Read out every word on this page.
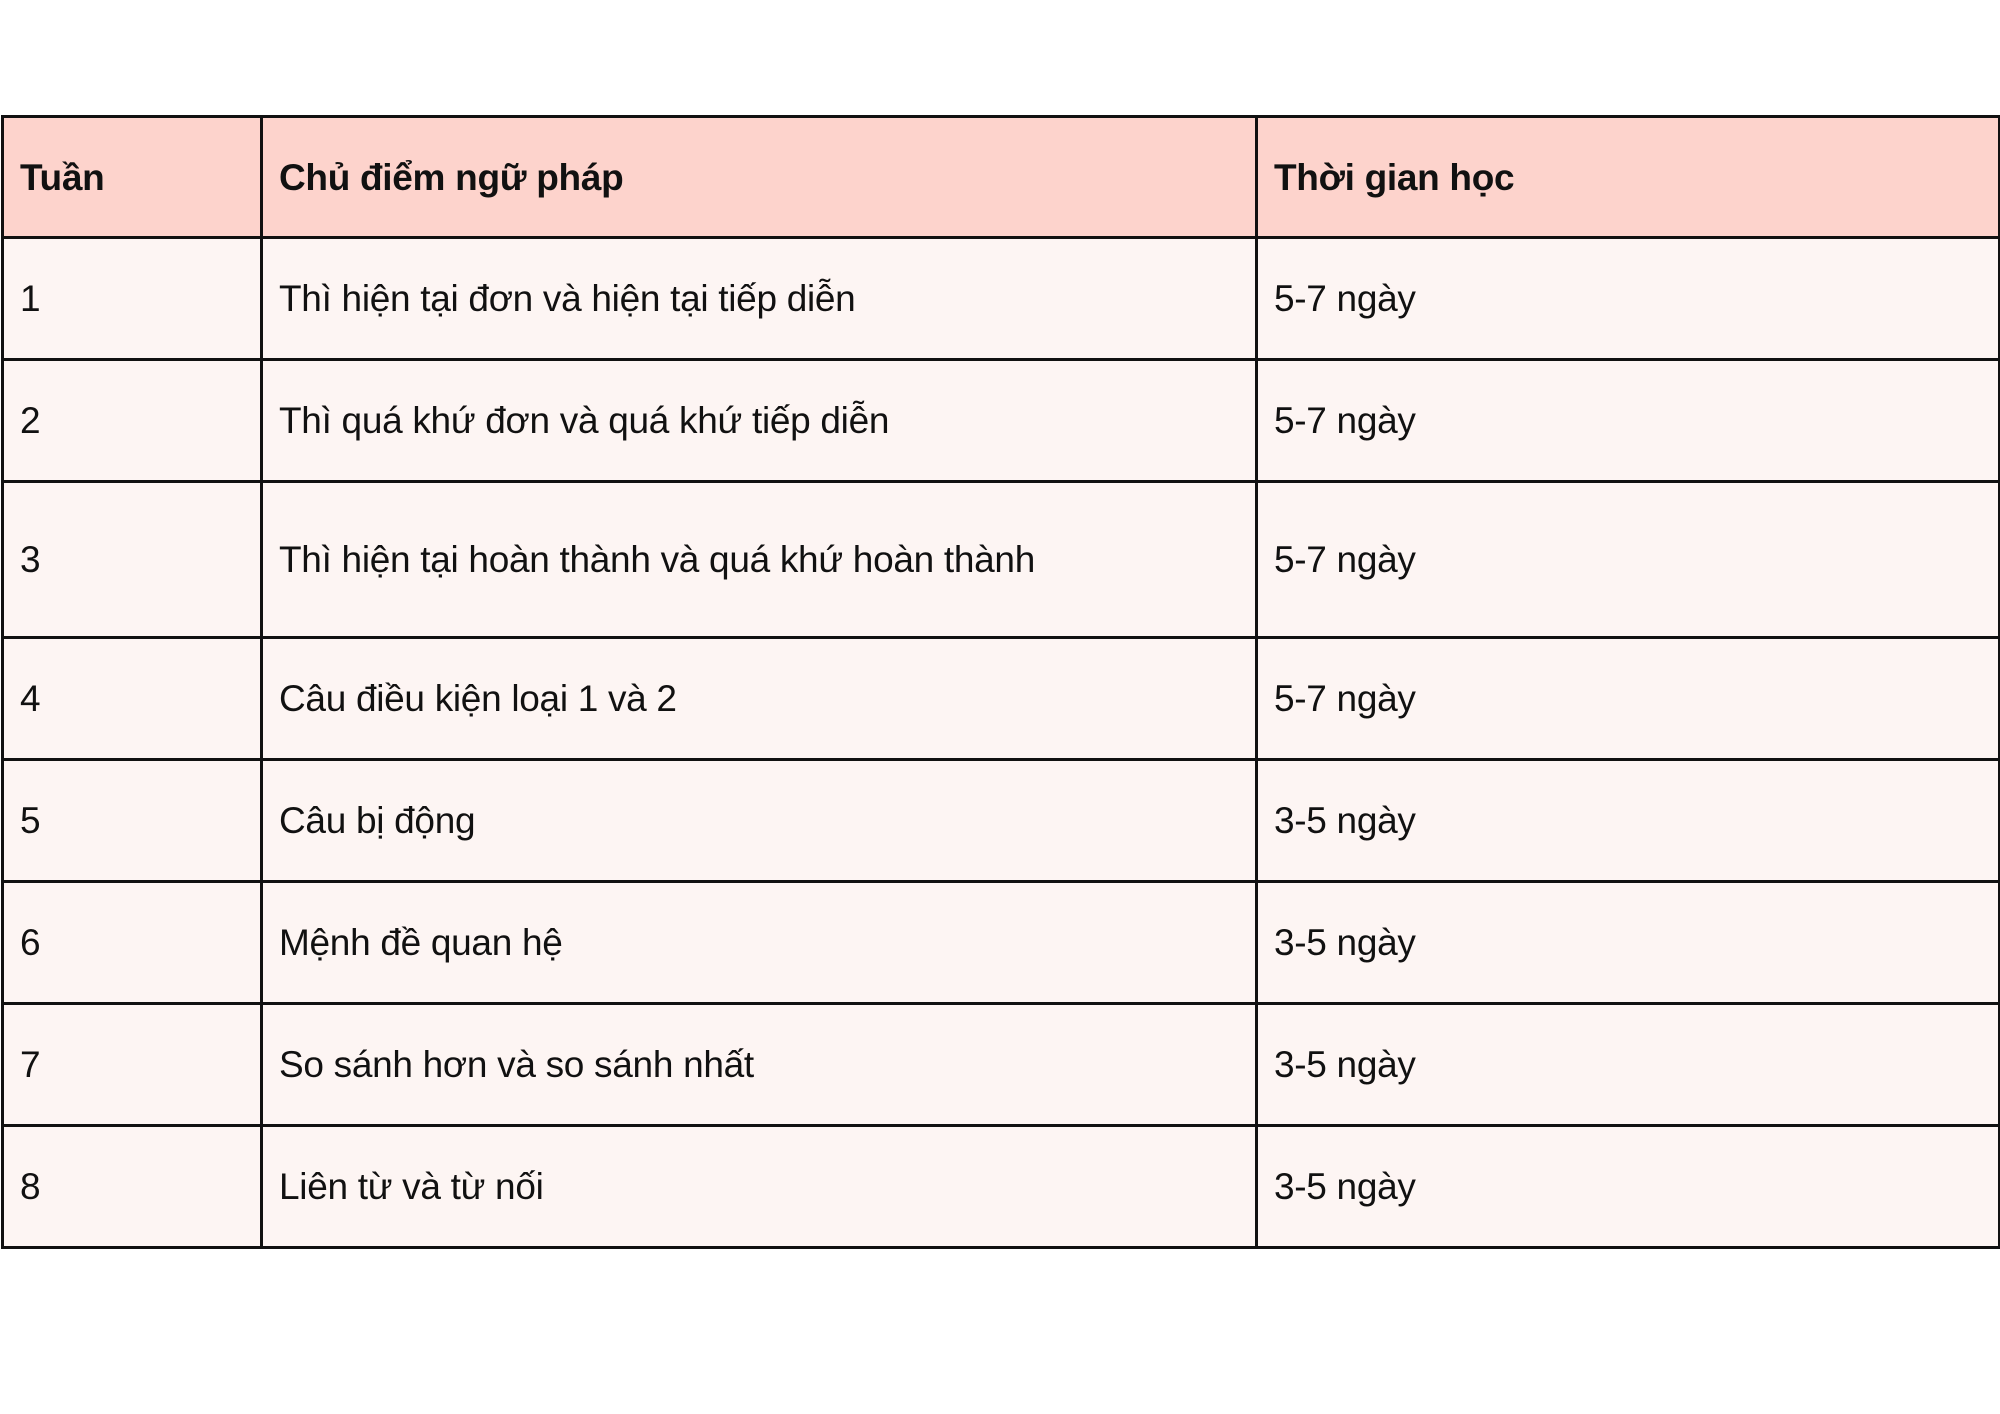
Tuần	Chủ điểm ngữ pháp	Thời gian học
1	Thì hiện tại đơn và hiện tại tiếp diễn	5-7 ngày
2	Thì quá khứ đơn và quá khứ tiếp diễn	5-7 ngày
3	Thì hiện tại hoàn thành và quá khứ hoàn thành	5-7 ngày
4	Câu điều kiện loại 1 và 2	5-7 ngày
5	Câu bị động	3-5 ngày
6	Mệnh đề quan hệ	3-5 ngày
7	So sánh hơn và so sánh nhất	3-5 ngày
8	Liên từ và từ nối	3-5 ngày
